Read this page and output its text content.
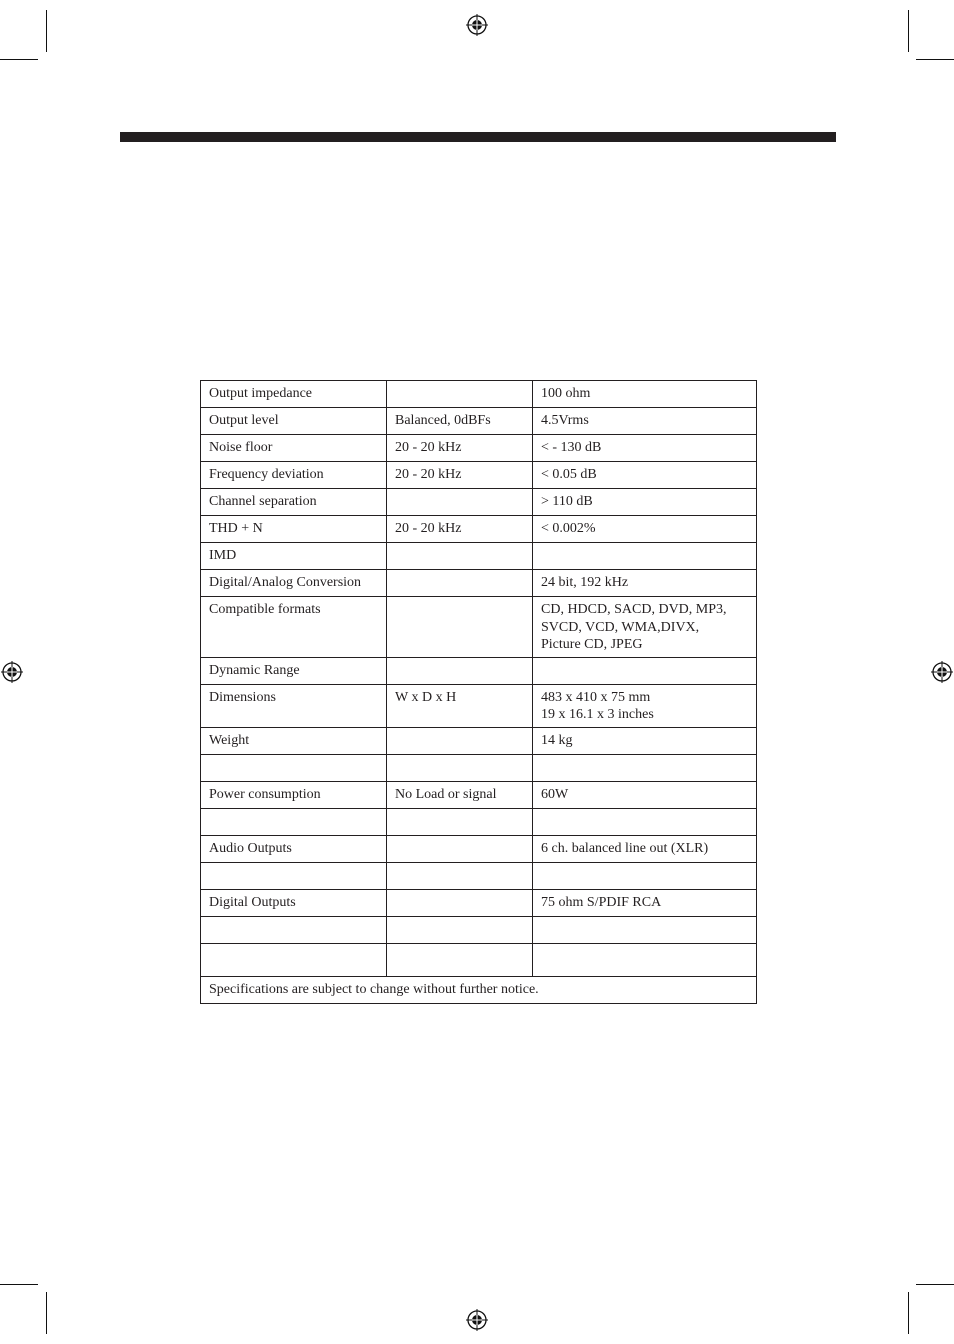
Output impedance		100 ohm
Output level	Balanced, 0dBFs	4.5Vrms
Noise floor	20 - 20 kHz	< - 130 dB
Frequency deviation	20 - 20 kHz	< 0.05 dB
Channel separation		> 110 dB
THD + N	20 - 20 kHz	< 0.002%
IMD		
Digital/Analog Conversion		24 bit, 192 kHz
Compatible formats		CD, HDCD, SACD, DVD, MP3,
SVCD, VCD, WMA,DIVX,
Picture CD, JPEG
Dynamic Range		
Dimensions	W x D x H	483 x 410 x 75 mm
19 x 16.1 x 3 inches
Weight		14 kg

Power consumption	No Load or signal	60W

Audio Outputs		6 ch. balanced line out (XLR)

Digital Outputs		75 ohm S/PDIF RCA

Specifications are subject to change without further notice.		
